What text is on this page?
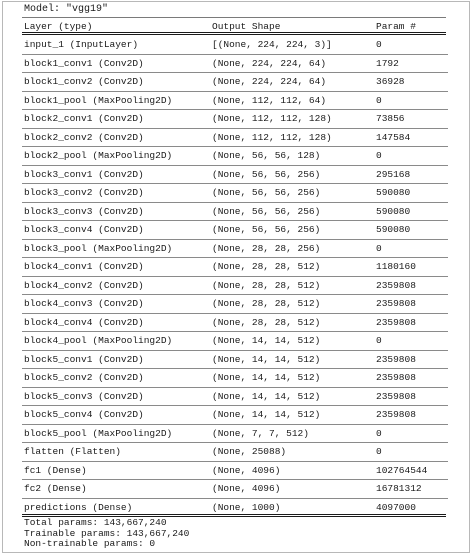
Model: "vgg19"
Layer (type)	Output Shape	Param #
input_1 (InputLayer)	[(None, 224, 224, 3)]	0
block1_conv1 (Conv2D)	(None, 224, 224, 64)	1792
block1_conv2 (Conv2D)	(None, 224, 224, 64)	36928
block1_pool (MaxPooling2D)	(None, 112, 112, 64)	0
block2_conv1 (Conv2D)	(None, 112, 112, 128)	73856
block2_conv2 (Conv2D)	(None, 112, 112, 128)	147584
block2_pool (MaxPooling2D)	(None, 56, 56, 128)	0
block3_conv1 (Conv2D)	(None, 56, 56, 256)	295168
block3_conv2 (Conv2D)	(None, 56, 56, 256)	590080
block3_conv3 (Conv2D)	(None, 56, 56, 256)	590080
block3_conv4 (Conv2D)	(None, 56, 56, 256)	590080
block3_pool (MaxPooling2D)	(None, 28, 28, 256)	0
block4_conv1 (Conv2D)	(None, 28, 28, 512)	1180160
block4_conv2 (Conv2D)	(None, 28, 28, 512)	2359808
block4_conv3 (Conv2D)	(None, 28, 28, 512)	2359808
block4_conv4 (Conv2D)	(None, 28, 28, 512)	2359808
block4_pool (MaxPooling2D)	(None, 14, 14, 512)	0
block5_conv1 (Conv2D)	(None, 14, 14, 512)	2359808
block5_conv2 (Conv2D)	(None, 14, 14, 512)	2359808
block5_conv3 (Conv2D)	(None, 14, 14, 512)	2359808
block5_conv4 (Conv2D)	(None, 14, 14, 512)	2359808
block5_pool (MaxPooling2D)	(None, 7, 7, 512)	0
flatten (Flatten)	(None, 25088)	0
fc1 (Dense)	(None, 4096)	102764544
fc2 (Dense)	(None, 4096)	16781312
predictions (Dense)	(None, 1000)	4097000
Total params: 143,667,240
Trainable params: 143,667,240
Non-trainable params: 0
